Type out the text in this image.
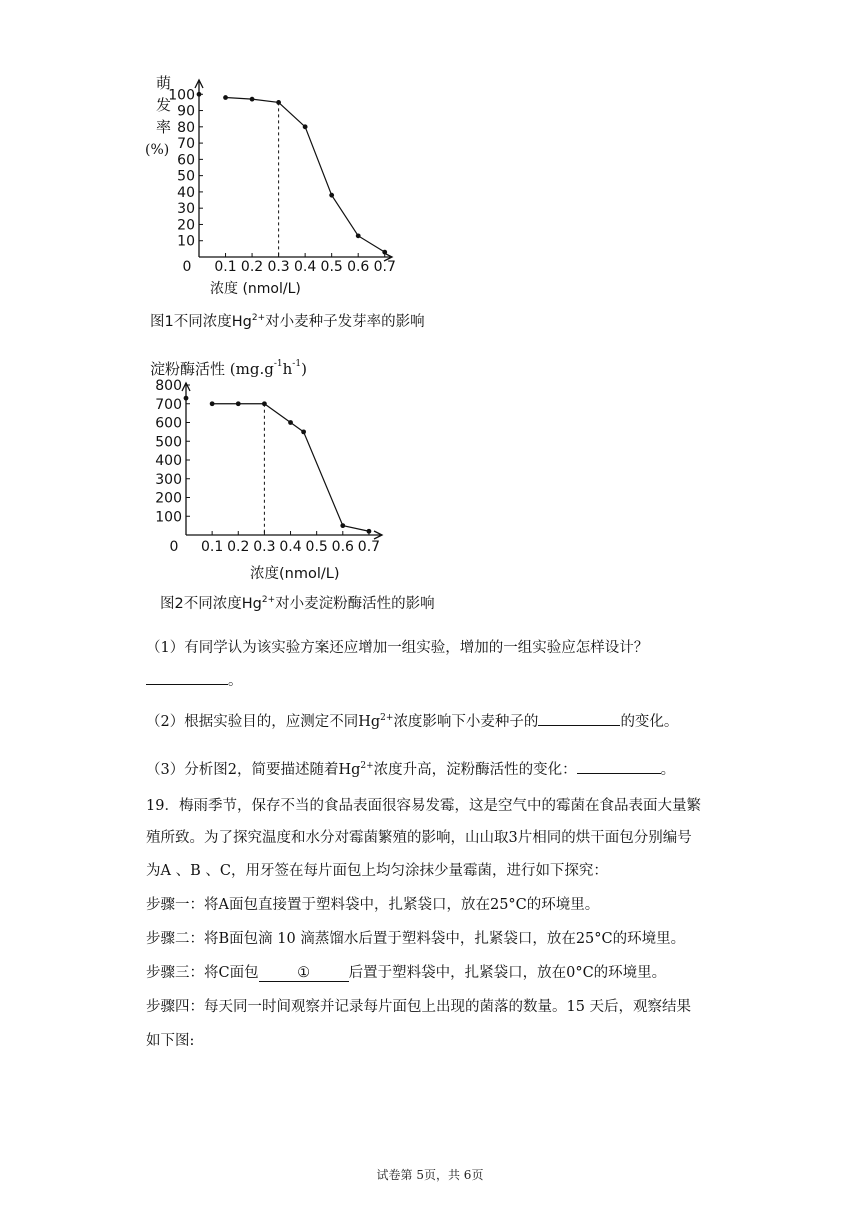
10
20
30
40
50
60
70
80
90
100
0 0.1 0.2 0.3 0.4 0.5 0.6 0.7
萌
发
率
(%)
浓度 (nmol/L)
图1不同浓度$Hg^{2+}$对小麦种子发芽率的影响
100
200
300
400
500
600
700
800
0 0.1 0.2 0.3 0.4 0.5 0.6 0.7
淀粉酶活性 $(mg.g^{-1}h^{-1})$
浓度(nmol/L)
图2不同浓度$Hg^{2+}$对小麦淀粉酶活性的影响
（1）有同学认为该实验方案还应增加一组实验，增加的一组实验应怎样设计？
。
（2）根据实验目的，应测定不同$Hg^{2+}$浓度影响下小麦种子的	的变化。
（3）分析图2，简要描述随着$Hg^{2+}$浓度升高，淀粉酶活性的变化：	。
19．梅雨季节，保存不当的食品表面很容易发霉，这是空气中的霉菌在食品表面大量繁
殖所致。为了探究温度和水分对霉菌繁殖的影响，山山取3片相同的烘干面包分别编号
为A 、B 、C，用牙签在每片面包上均匀涂抹少量霉菌，进行如下探究：
步骤一：将A面包直接置于塑料袋中，扎紧袋口，放在25°C的环境里。
步骤二：将B面包滴 10 滴蒸馏水后置于塑料袋中，扎紧袋口，放在25°C的环境里。
步骤三：将C面包	①	后置于塑料袋中，扎紧袋口，放在0°C的环境里。
步骤四：每天同一时间观察并记录每片面包上出现的菌落的数量。15 天后，观察结果
如下图:
试卷第 5页，共 6页
